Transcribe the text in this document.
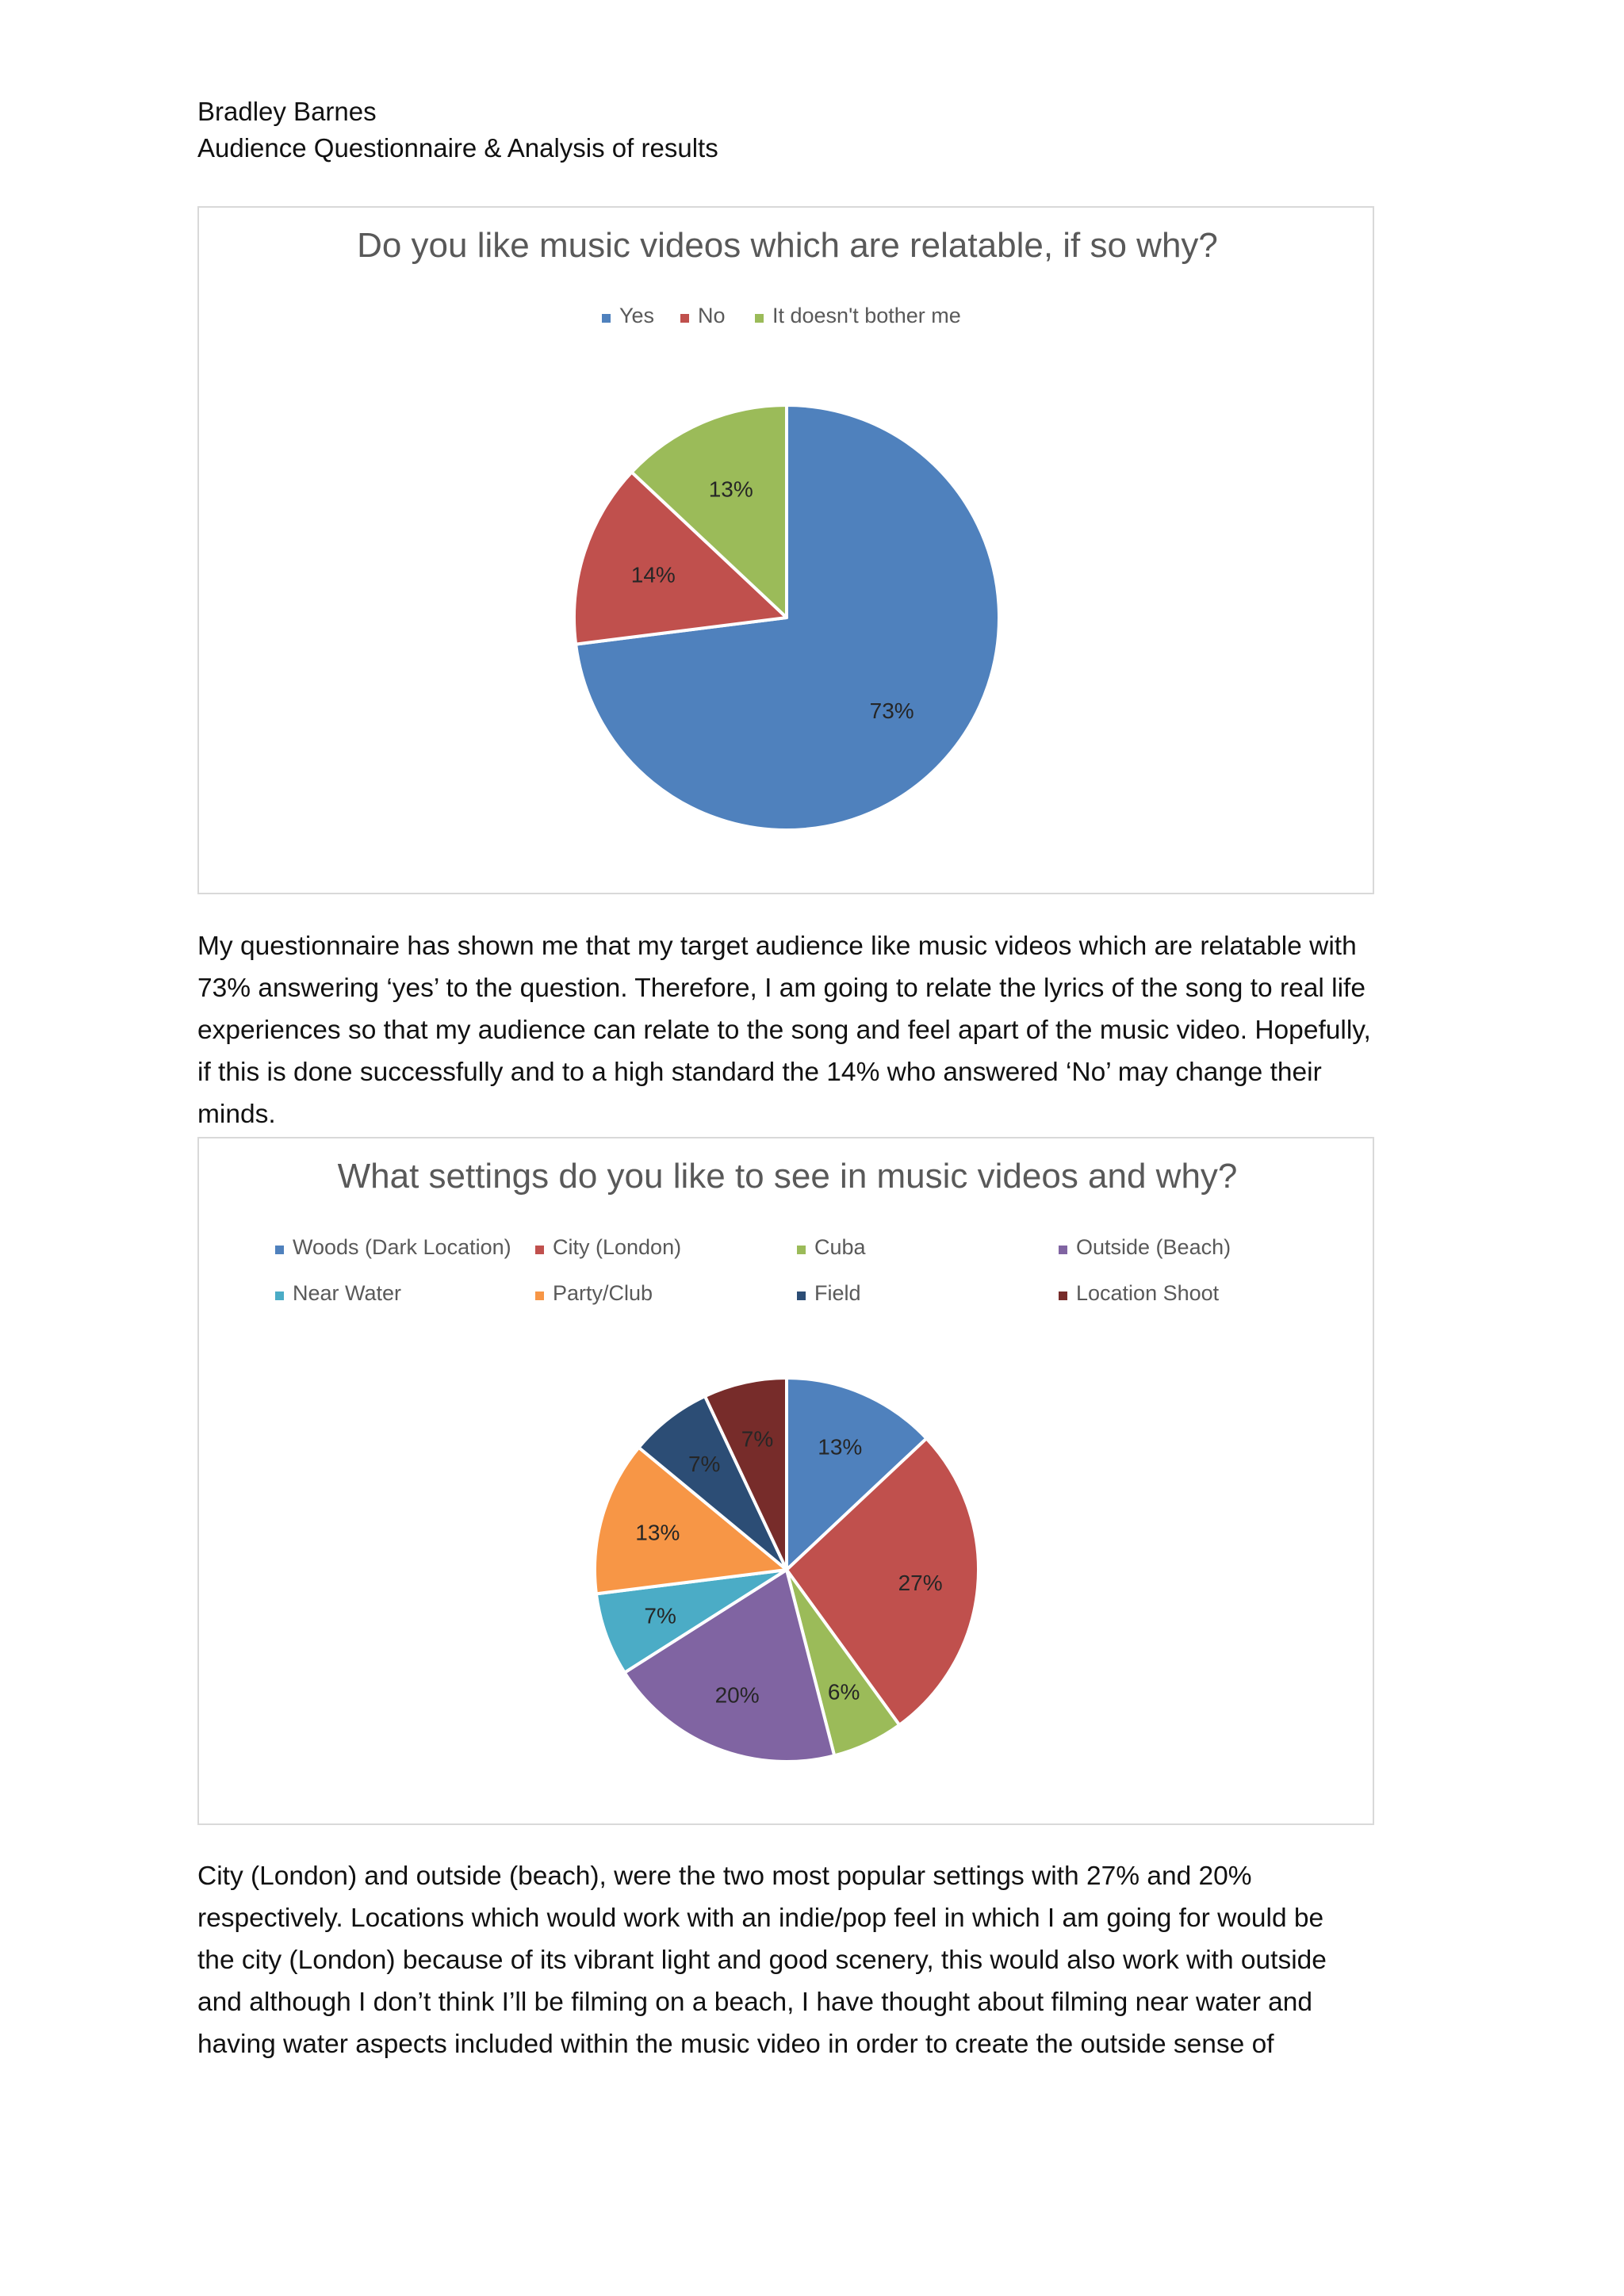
Bradley Barnes
Audience Questionnaire & Analysis of results
Do you like music videos which are relatable, if so why?
Yes No It doesn't bother me
73%
14%
13%

My questionnaire has shown me that my target audience like music videos which are relatable with

73% answering ‘yes’ to the question. Therefore, I am going to relate the lyrics of the song to real life

experiences so that my audience can relate to the song and feel apart of the music video. Hopefully,

if this is done successfully and to a high standard the 14% who answered ‘No’ may change their

minds.

What settings do you like to see in music videos and why?
Woods (Dark Location) City (London)	Cuba	Outside (Beach)
Near Water	Party/Club	Field	Location Shoot
13%
27%
6%
20%
7%
13%
7%
7%

City (London) and outside (beach), were the two most popular settings with 27% and 20%

respectively. Locations which would work with an indie/pop feel in which I am going for would be

the city (London) because of its vibrant light and good scenery, this would also work with outside

and although I don’t think I’ll be filming on a beach, I have thought about filming near water and

having water aspects included within the music video in order to create the outside sense of
